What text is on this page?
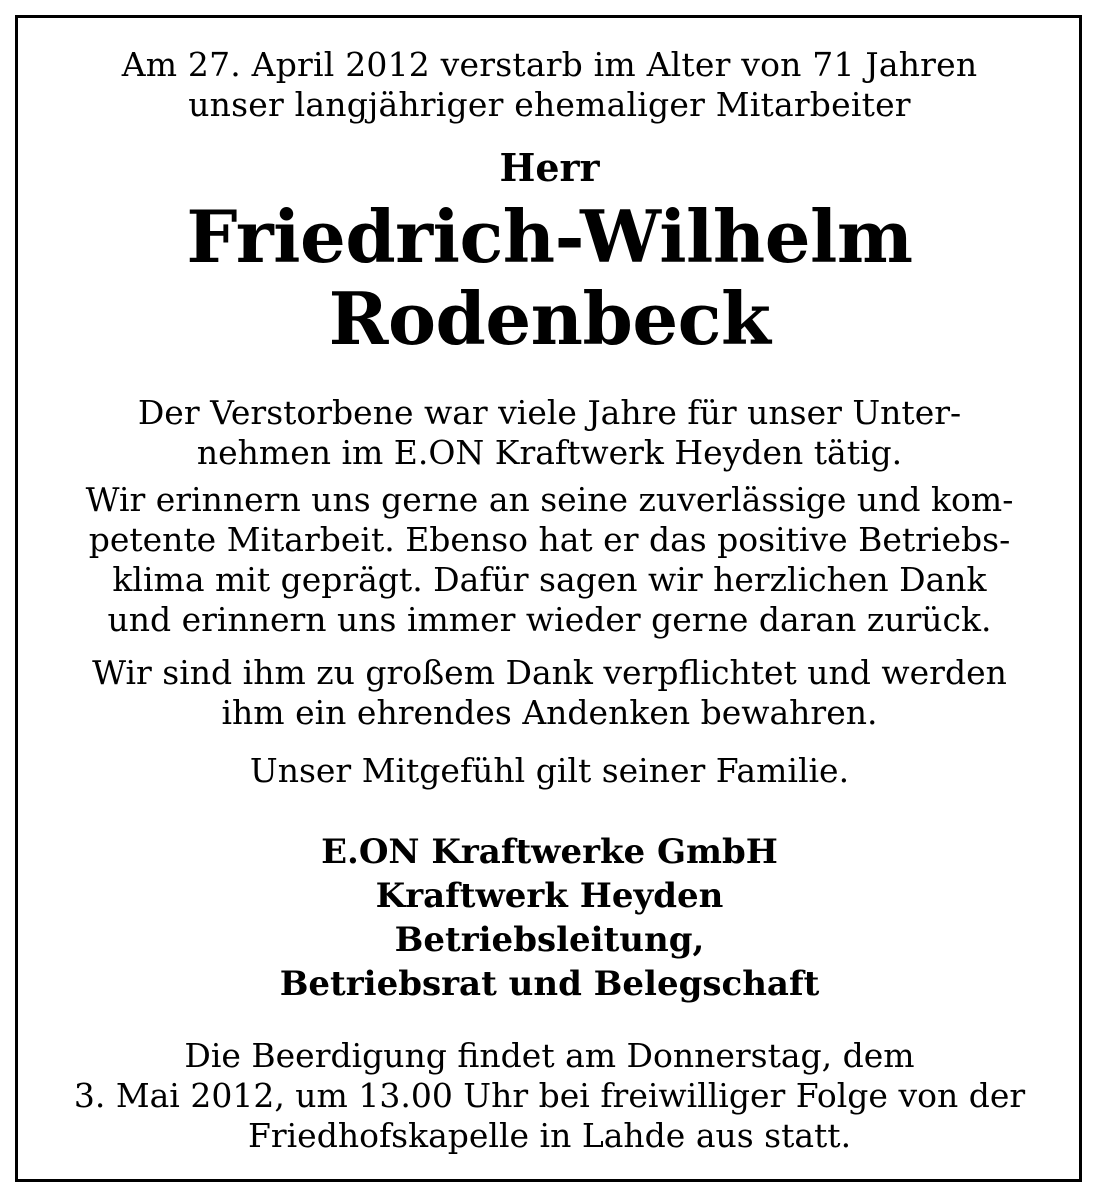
Am 27. April 2012 verstarb im Alter von 71 Jahren
unser langjähriger ehemaliger Mitarbeiter
Herr
Friedrich-Wilhelm
Rodenbeck
Der Verstorbene war viele Jahre für unser Unter-
nehmen im E.ON Kraftwerk Heyden tätig.
Wir erinnern uns gerne an seine zuverlässige und kom-
petente Mitarbeit. Ebenso hat er das positive Betriebs-
klima mit geprägt. Dafür sagen wir herzlichen Dank
und erinnern uns immer wieder gerne daran zurück.
Wir sind ihm zu großem Dank verpflichtet und werden
ihm ein ehrendes Andenken bewahren.
Unser Mitgefühl gilt seiner Familie.
E.ON Kraftwerke GmbH
Kraftwerk Heyden
Betriebsleitung,
Betriebsrat und Belegschaft
Die Beerdigung findet am Donnerstag, dem
3. Mai 2012, um 13.00 Uhr bei freiwilliger Folge von der
Friedhofskapelle in Lahde aus statt.
